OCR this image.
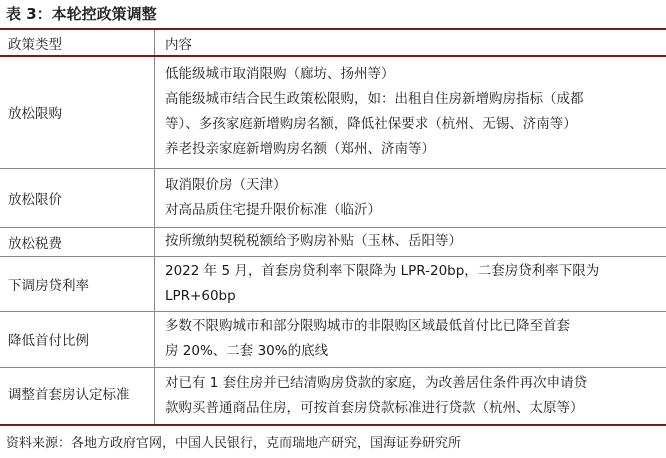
表 3：本轮控政策调整
政策类型	内容
放松限购	低能级城市取消限购（廊坊、扬州等）
高能级城市结合民生政策松限购，如：出租自住房新增购房指标（成都
等）、多孩家庭新增购房名额，降低社保要求（杭州、无锡、济南等）
养老投亲家庭新增购房名额（郑州、济南等）

放松限价	取消限价房（天津）
对高品质住宅提升限价标准（临沂）

放松税费	按所缴纳契税税额给予购房补贴（玉林、岳阳等）

下调房贷利率	2022 年 5 月，首套房贷利率下限降为 LPR-20bp，二套房贷利率下限为
LPR+60bp

降低首付比例	多数不限购城市和部分限购城市的非限购区域最低首付比已降至首套
房 20%、二套 30%的底线

调整首套房认定标准	对已有 1 套住房并已结清购房贷款的家庭，为改善居住条件再次申请贷
款购买普通商品住房，可按首套房贷款标准进行贷款（杭州、太原等）
资料来源：各地方政府官网，中国人民银行，克而瑞地产研究，国海证券研究所
